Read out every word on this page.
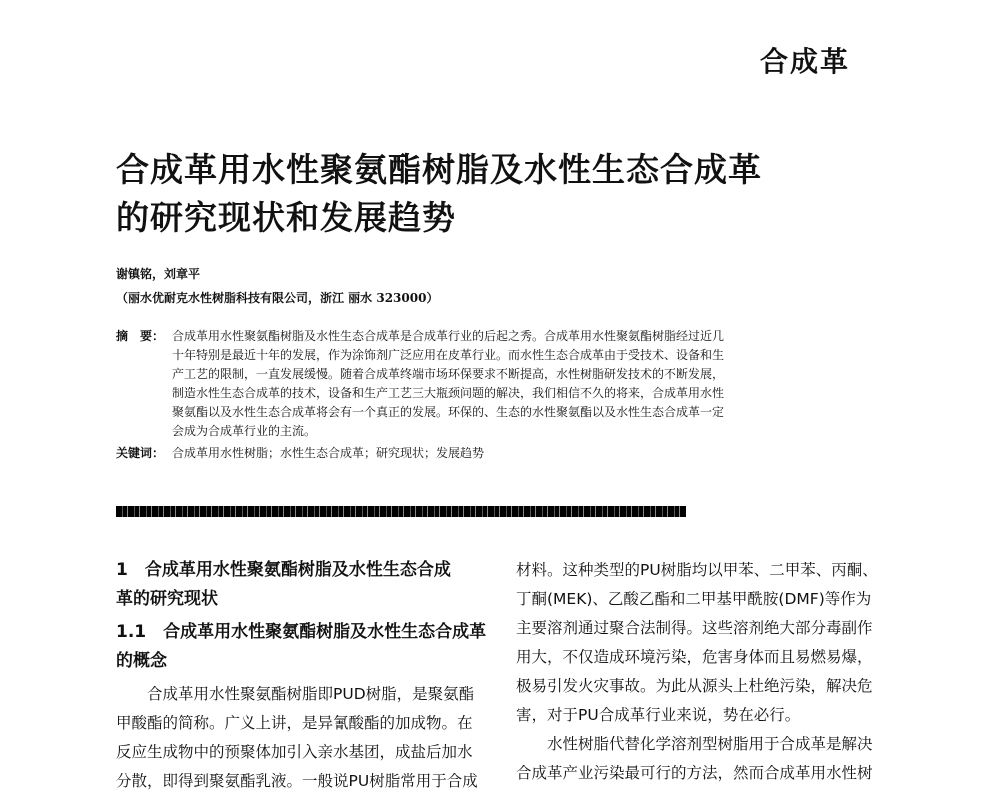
合成革
合成革用水性聚氨酯树脂及水性生态合成革
的研究现状和发展趋势
谢镇铭，刘章平
（丽水优耐克水性树脂科技有限公司，浙江 丽水 323000）
摘　要： 合成革用水性聚氨酯树脂及水性生态合成革是合成革行业的后起之秀。合成革用水性聚氨酯树脂经过近几
十年特别是最近十年的发展，作为涂饰剂广泛应用在皮革行业。而水性生态合成革由于受技术、设备和生
产工艺的限制，一直发展缓慢。随着合成革终端市场环保要求不断提高，水性树脂研发技术的不断发展，
制造水性生态合成革的技术，设备和生产工艺三大瓶颈问题的解决，我们相信不久的将来，合成革用水性
聚氨酯以及水性生态合成革将会有一个真正的发展。环保的、生态的水性聚氨酯以及水性生态合成革一定
会成为合成革行业的主流。
关键词： 合成革用水性树脂；水性生态合成革；研究现状；发展趋势
1　合成革用水性聚氨酯树脂及水性生态合成
革的研究现状
1.1　合成革用水性聚氨酯树脂及水性生态合成革
的概念

合成革用水性聚氨酯树脂即PUD树脂，是聚氨酯
甲酸酯的简称。广义上讲，是异氰酸酯的加成物。在
反应生成物中的预聚体加引入亲水基团，成盐后加水
分散，即得到聚氨酯乳液。一般说PU树脂常用于合成

材料。这种类型的PU树脂均以甲苯、二甲苯、丙酮、
丁酮(MEK)、乙酸乙酯和二甲基甲酰胺(DMF)等作为
主要溶剂通过聚合法制得。这些溶剂绝大部分毒副作
用大，不仅造成环境污染，危害身体而且易燃易爆，
极易引发火灾事故。为此从源头上杜绝污染，解决危
害，对于PU合成革行业来说，势在必行。

水性树脂代替化学溶剂型树脂用于合成革是解决
合成革产业污染最可行的方法，然而合成革用水性树
